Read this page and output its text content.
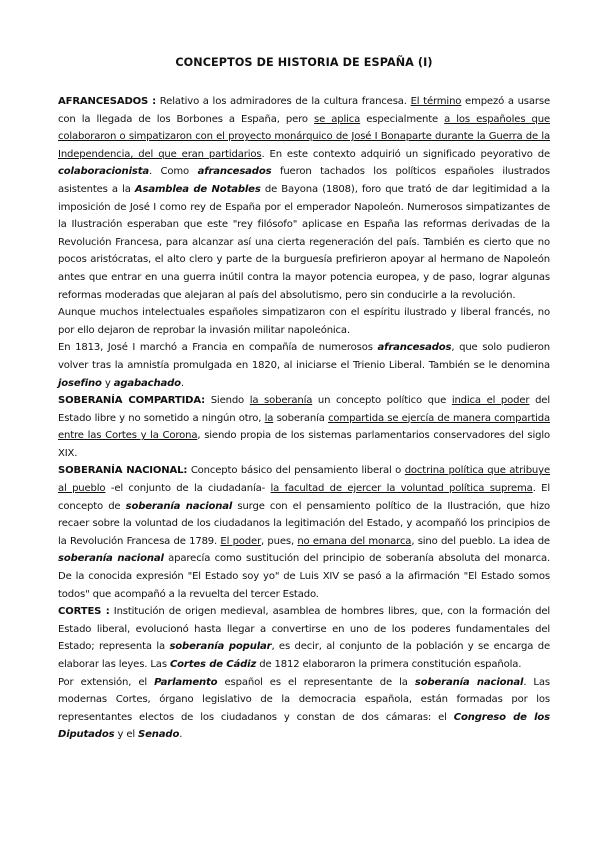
CONCEPTOS DE HISTORIA DE ESPAÑA (I)

AFRANCESADOS : Relativo a los admiradores de la cultura francesa. El término empezó a usarse con la llegada de los Borbones a España, pero se aplica especialmente a los españoles que colaboraron o simpatizaron con el proyecto monárquico de José I Bonaparte durante la Guerra de la Independencia, del que eran partidarios. En este contexto adquirió un significado peyorativo de colaboracionista. Como afrancesados fueron tachados los políticos españoles ilustrados asistentes a la Asamblea de Notables de Bayona (1808), foro que trató de dar legitimidad a la imposición de José I como rey de España por el emperador Napoleón. Numerosos simpatizantes de la Ilustración esperaban que este "rey filósofo" aplicase en España las reformas derivadas de la Revolución Francesa, para alcanzar así una cierta regeneración del país. También es cierto que no pocos aristócratas, el alto clero y parte de la burguesía prefirieron apoyar al hermano de Napoleón antes que entrar en una guerra inútil contra la mayor potencia europea, y de paso, lograr algunas reformas moderadas que alejaran al país del absolutismo, pero sin conducirle a la revolución.

Aunque muchos intelectuales españoles simpatizaron con el espíritu ilustrado y liberal francés, no por ello dejaron de reprobar la invasión militar napoleónica.

En 1813, José I marchó a Francia en compañía de numerosos afrancesados, que solo pudieron volver tras la amnistía promulgada en 1820, al iniciarse el Trienio Liberal. También se le denomina josefino y agabachado.

SOBERANÍA COMPARTIDA: Siendo la soberanía un concepto político que indica el poder del Estado libre y no sometido a ningún otro, la soberanía compartida se ejercía de manera compartida entre las Cortes y la Corona, siendo propia de los sistemas parlamentarios conservadores del siglo XIX.

SOBERANÍA NACIONAL: Concepto básico del pensamiento liberal o doctrina política que atribuye al pueblo -el conjunto de la ciudadanía- la facultad de ejercer la voluntad política suprema. El concepto de soberanía nacional surge con el pensamiento político de la Ilustración, que hizo recaer sobre la voluntad de los ciudadanos la legitimación del Estado, y acompañó los principios de la Revolución Francesa de 1789. El poder, pues, no emana del monarca, sino del pueblo. La idea de soberanía nacional aparecía como sustitución del principio de soberanía absoluta del monarca. De la conocida expresión "El Estado soy yo" de Luis XIV se pasó a la afirmación "El Estado somos todos" que acompañó a la revuelta del tercer Estado.

CORTES : Institución de origen medieval, asamblea de hombres libres, que, con la formación del Estado liberal, evolucionó hasta llegar a convertirse en uno de los poderes fundamentales del Estado; representa la soberanía popular, es decir, al conjunto de la población y se encarga de elaborar las leyes. Las Cortes de Cádiz de 1812 elaboraron la primera constitución española.

Por extensión, el Parlamento español es el representante de la soberanía nacional. Las modernas Cortes, órgano legislativo de la democracia española, están formadas por los representantes electos de los ciudadanos y constan de dos cámaras: el Congreso de los Diputados y el Senado.
